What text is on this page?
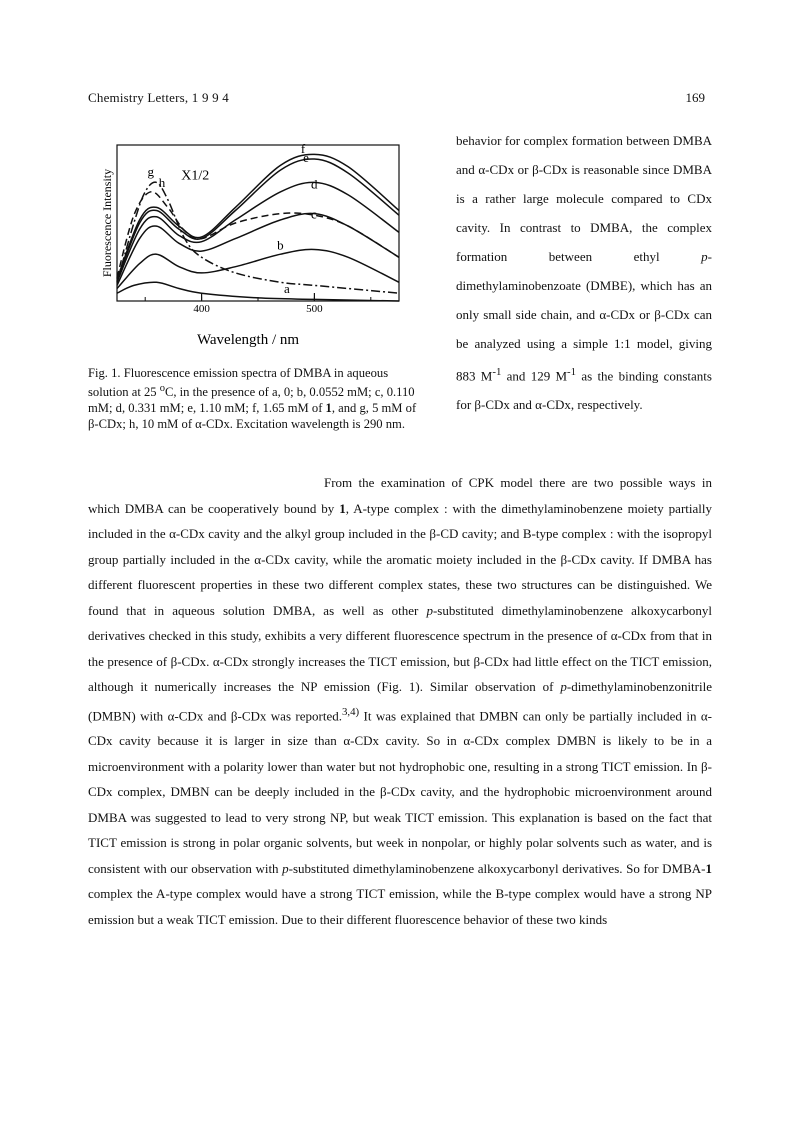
Chemistry Letters, 1 9 9 4	169
400	500
Wavelength / nm
Fluorescence Intensity
a
b
c
d
e
f
g
h X1/2
Fig. 1. Fluorescence emission spectra of DMBA in aqueous solution at 25 $^o$C, in the presence of a, 0; b, 0.0552 mM; c, 0.110 mM; d, 0.331 mM; e, 1.10 mM; f, 1.65 mM of 1, and g, 5 mM of β-CDx; h, 10 mM of α-CDx. Excitation wavelength is 290 nm.

behavior for complex formation between DMBA and α-CDx or β-CDx is reasonable since DMBA is a rather large molecule compared to CDx cavity. In contrast to DMBA, the complex formation between ethyl p-dimethylaminobenzoate (DMBE), which has an only small side chain, and α-CDx or β-CDx can be analyzed using a simple 1:1 model, giving 883 $M^{-1}$ and 129 $M^{-1}$ as the binding constants for β-CDx and α-CDx, respectively.

From the examination of CPK model there are two possible ways in which DMBA can be cooperatively bound by 1, A-type complex : with the dimethylaminobenzene moiety partially included in the α-CDx cavity and the alkyl group included in the β-CD cavity; and B-type complex : with the isopropyl group partially included in the α-CDx cavity, while the aromatic moiety included in the β-CDx cavity. If DMBA has different fluorescent properties in these two different complex states, these two structures can be distinguished. We found that in aqueous solution DMBA, as well as other p-substituted dimethylaminobenzene alkoxycarbonyl derivatives checked in this study, exhibits a very different fluorescence spectrum in the presence of α-CDx from that in the presence of β-CDx. α-CDx strongly increases the TICT emission, but β-CDx had little effect on the TICT emission, although it numerically increases the NP emission (Fig. 1). Similar observation of p-dimethylaminobenzonitrile (DMBN) with α-CDx and β-CDx was reported.$^{3,4)}$ It was explained that DMBN can only be partially included in α-CDx cavity because it is larger in size than α-CDx cavity. So in α-CDx complex DMBN is likely to be in a microenvironment with a polarity lower than water but not hydrophobic one, resulting in a strong TICT emission. In β-CDx complex, DMBN can be deeply included in the β-CDx cavity, and the hydrophobic microenvironment around DMBA was suggested to lead to very strong NP, but weak TICT emission. This explanation is based on the fact that TICT emission is strong in polar organic solvents, but week in nonpolar, or highly polar solvents such as water, and is consistent with our observation with p-substituted dimethylaminobenzene alkoxycarbonyl derivatives. So for DMBA-1 complex the A-type complex would have a strong TICT emission, while the B-type complex would have a strong NP emission but a weak TICT emission. Due to their different fluorescence behavior of these two kinds
